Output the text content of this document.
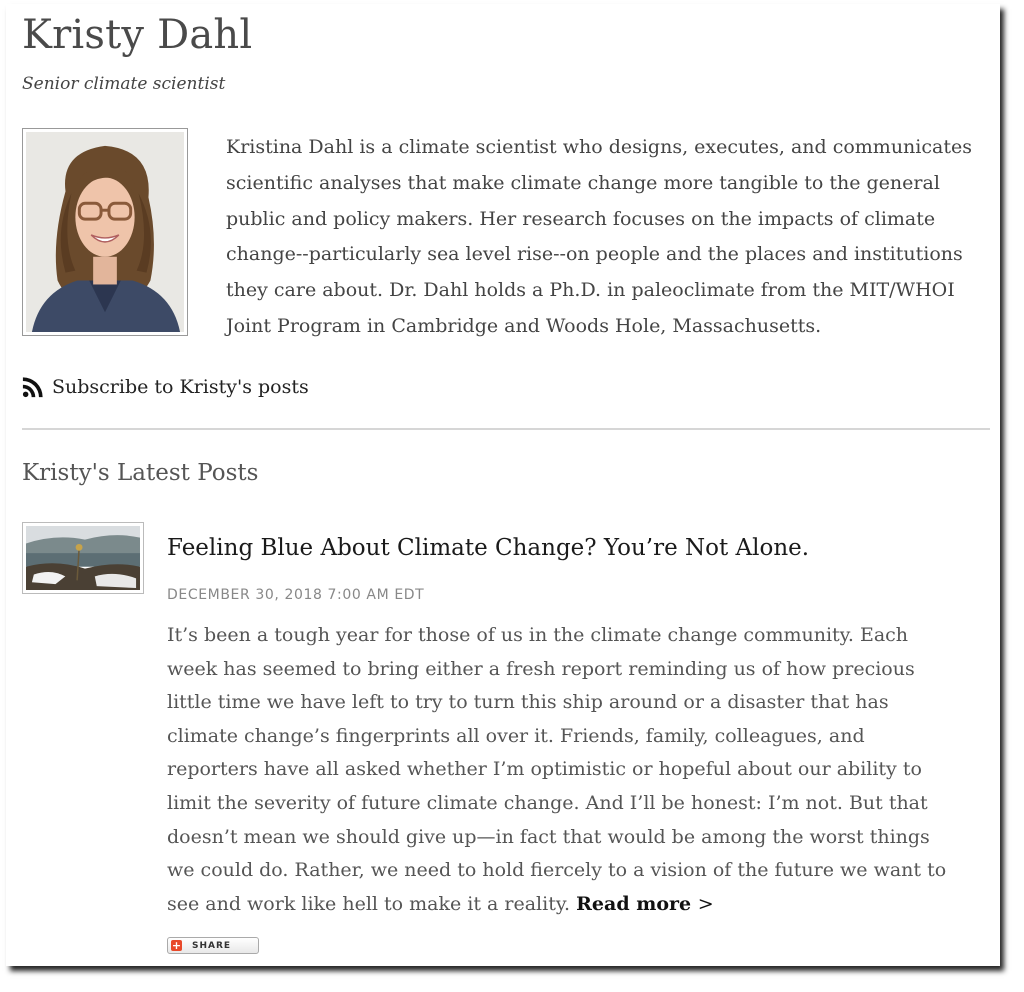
Kristy Dahl
Senior climate scientist

Kristina Dahl is a climate scientist who designs, executes, and communicates scientific analyses that make climate change more tangible to the general public and policy makers. Her research focuses on the impacts of climate change--particularly sea level rise--on people and the places and institutions they care about. Dr. Dahl holds a Ph.D. in paleoclimate from the MIT/WHOI Joint Program in Cambridge and Woods Hole, Massachusetts.

Subscribe to Kristy's posts
Kristy's Latest Posts
Feeling Blue About Climate Change? You’re Not Alone.
DECEMBER 30, 2018 7:00 AM EDT

It’s been a tough year for those of us in the climate change community. Each week has seemed to bring either a fresh report reminding us of how precious little time we have left to try to turn this ship around or a disaster that has climate change’s fingerprints all over it. Friends, family, colleagues, and reporters have all asked whether I’m optimistic or hopeful about our ability to limit the severity of future climate change. And I’ll be honest: I’m not. But that doesn’t mean we should give up—in fact that would be among the worst things we could do. Rather, we need to hold fiercely to a vision of the future we want to see and work like hell to make it a reality. Read more >

+ SHARE
